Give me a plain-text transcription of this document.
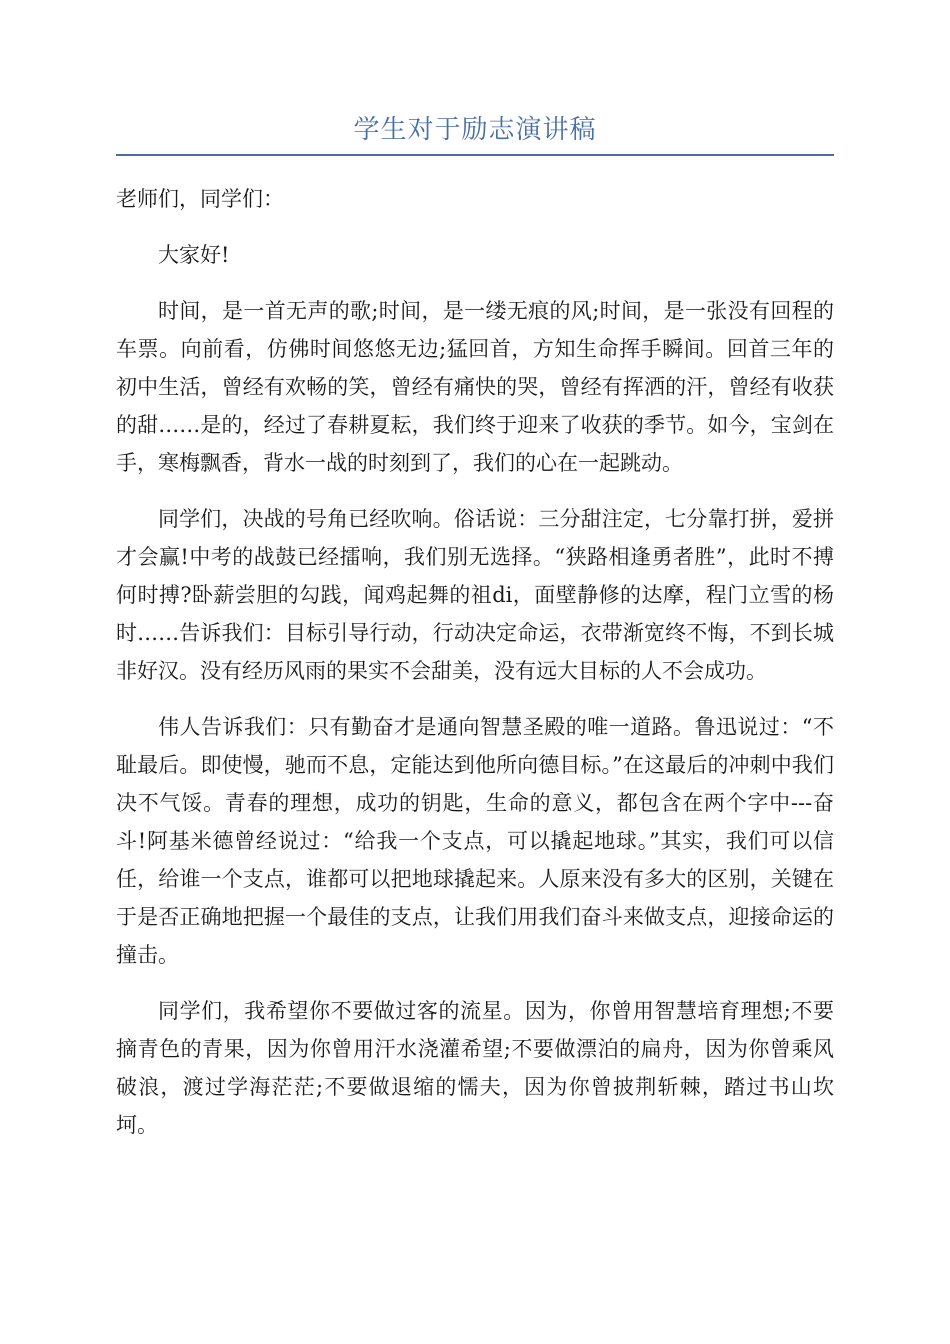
学生对于励志演讲稿

老师们，同学们：

大家好!

时间，是一首无声的歌;时间，是一缕无痕的风;时间，是一张没有回程的车票。向前看，仿佛时间悠悠无边;猛回首，方知生命挥手瞬间。回首三年的初中生活，曾经有欢畅的笑，曾经有痛快的哭，曾经有挥洒的汗，曾经有收获的甜……是的，经过了春耕夏耘，我们终于迎来了收获的季节。如今，宝剑在手，寒梅飘香，背水一战的时刻到了，我们的心在一起跳动。

同学们，决战的号角已经吹响。俗话说：三分甜注定，七分靠打拼，爱拼才会赢!中考的战鼓已经擂响，我们别无选择。“狭路相逢勇者胜”，此时不搏何时搏?卧薪尝胆的勾践，闻鸡起舞的祖di，面壁静修的达摩，程门立雪的杨时……告诉我们：目标引导行动，行动决定命运，衣带渐宽终不悔，不到长城非好汉。没有经历风雨的果实不会甜美，没有远大目标的人不会成功。

伟人告诉我们：只有勤奋才是通向智慧圣殿的唯一道路。鲁迅说过：“不耻最后。即使慢，驰而不息，定能达到他所向德目标。”在这最后的冲刺中我们决不气馁。青春的理想，成功的钥匙，生命的意义，都包含在两个字中---奋斗!阿基米德曾经说过：“给我一个支点，可以撬起地球。”其实，我们可以信任，给谁一个支点，谁都可以把地球撬起来。人原来没有多大的区别，关键在于是否正确地把握一个最佳的支点，让我们用我们奋斗来做支点，迎接命运的撞击。

同学们，我希望你不要做过客的流星。因为，你曾用智慧培育理想;不要摘青色的青果，因为你曾用汗水浇灌希望;不要做漂泊的扁舟，因为你曾乘风破浪，渡过学海茫茫;不要做退缩的懦夫，因为你曾披荆斩棘，踏过书山坎坷。
